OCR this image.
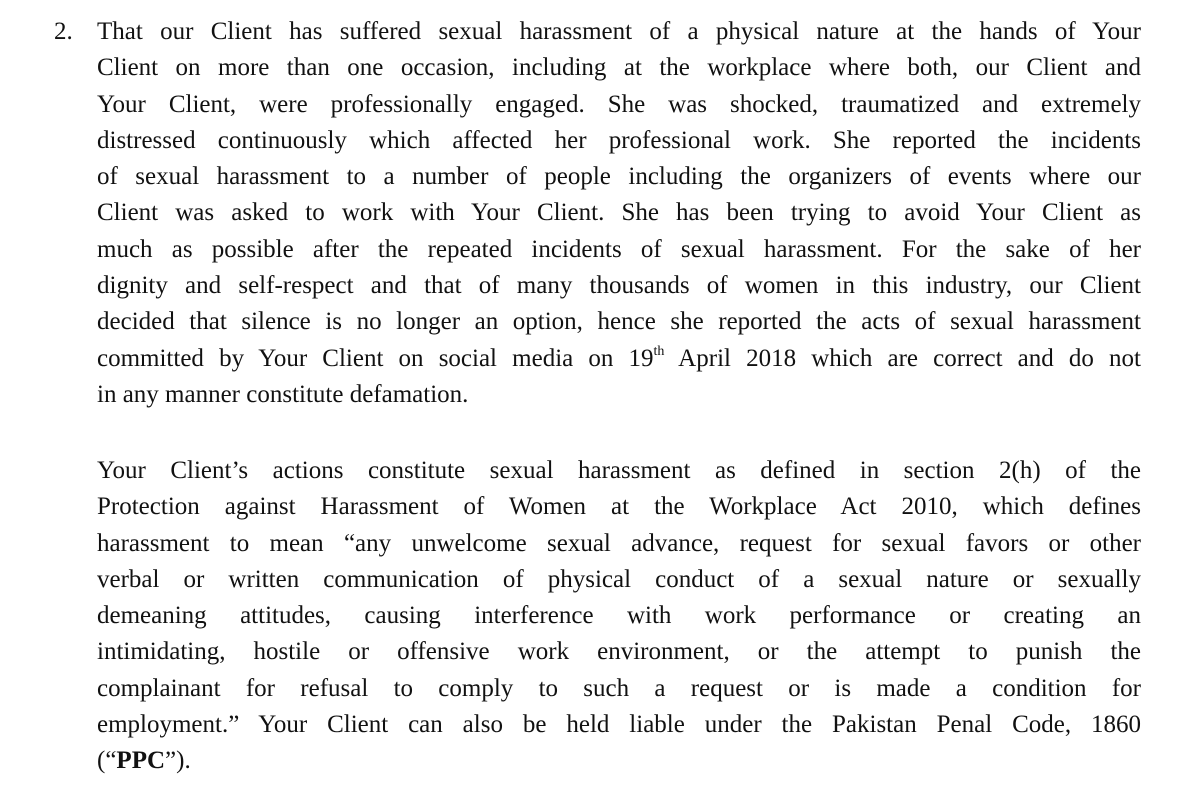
2. That our Client has suffered sexual harassment of a physical nature at the hands of Your
Client on more than one occasion, including at the workplace where both, our Client and
Your Client, were professionally engaged. She was shocked, traumatized and extremely
distressed continuously which affected her professional work. She reported the incidents
of sexual harassment to a number of people including the organizers of events where our
Client was asked to work with Your Client. She has been trying to avoid Your Client as
much as possible after the repeated incidents of sexual harassment. For the sake of her
dignity and self-respect and that of many thousands of women in this industry, our Client
decided that silence is no longer an option, hence she reported the acts of sexual harassment
committed by Your Client on social media on 19th April 2018 which are correct and do not
in any manner constitute defamation.
Your Client’s actions constitute sexual harassment as defined in section 2(h) of the
Protection against Harassment of Women at the Workplace Act 2010, which defines
harassment to mean “any unwelcome sexual advance, request for sexual favors or other
verbal or written communication of physical conduct of a sexual nature or sexually
demeaning attitudes, causing interference with work performance or creating an
intimidating, hostile or offensive work environment, or the attempt to punish the
complainant for refusal to comply to such a request or is made a condition for
employment.” Your Client can also be held liable under the Pakistan Penal Code, 1860
(“PPC”).
